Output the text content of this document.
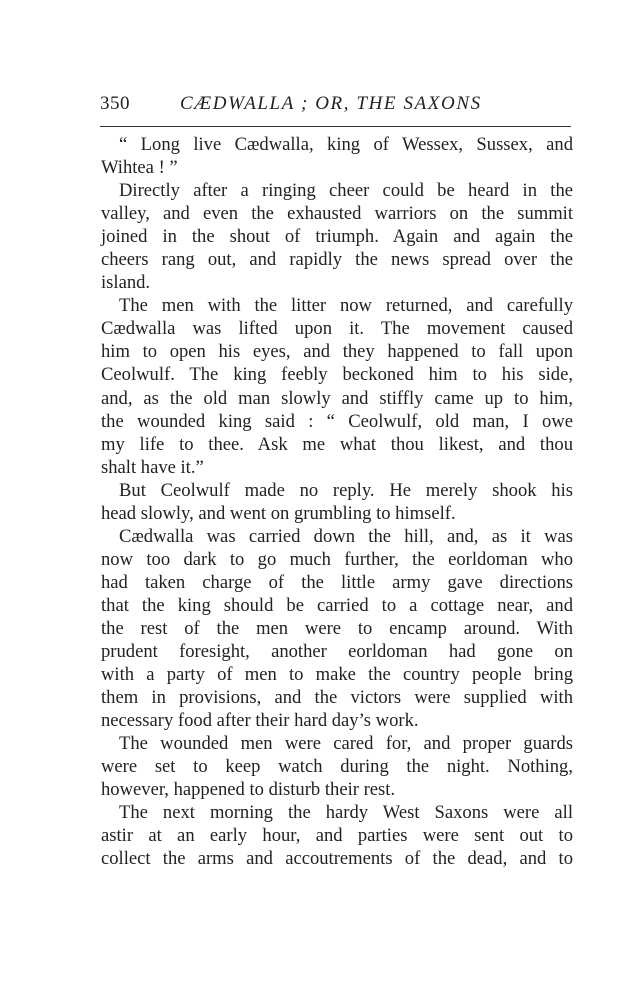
350	CÆDWALLA ; OR, THE SAXONS
“ Long live Cædwalla, king of Wessex, Sussex, and
Wihtea ! ”
Directly after a ringing cheer could be heard in the
valley, and even the exhausted warriors on the summit
joined in the shout of triumph. Again and again the
cheers rang out, and rapidly the news spread over the
island.
The men with the litter now returned, and carefully
Cædwalla was lifted upon it. The movement caused
him to open his eyes, and they happened to fall upon
Ceolwulf. The king feebly beckoned him to his side,
and, as the old man slowly and stiffly came up to him,
the wounded king said : “ Ceolwulf, old man, I owe
my life to thee. Ask me what thou likest, and thou
shalt have it.”
But Ceolwulf made no reply. He merely shook his
head slowly, and went on grumbling to himself.
Cædwalla was carried down the hill, and, as it was
now too dark to go much further, the eorldoman who
had taken charge of the little army gave directions
that the king should be carried to a cottage near, and
the rest of the men were to encamp around. With
prudent foresight, another eorldoman had gone on
with a party of men to make the country people bring
them in provisions, and the victors were supplied with
necessary food after their hard day’s work.
The wounded men were cared for, and proper guards
were set to keep watch during the night. Nothing,
however, happened to disturb their rest.
The next morning the hardy West Saxons were all
astir at an early hour, and parties were sent out to
collect the arms and accoutrements of the dead, and to
